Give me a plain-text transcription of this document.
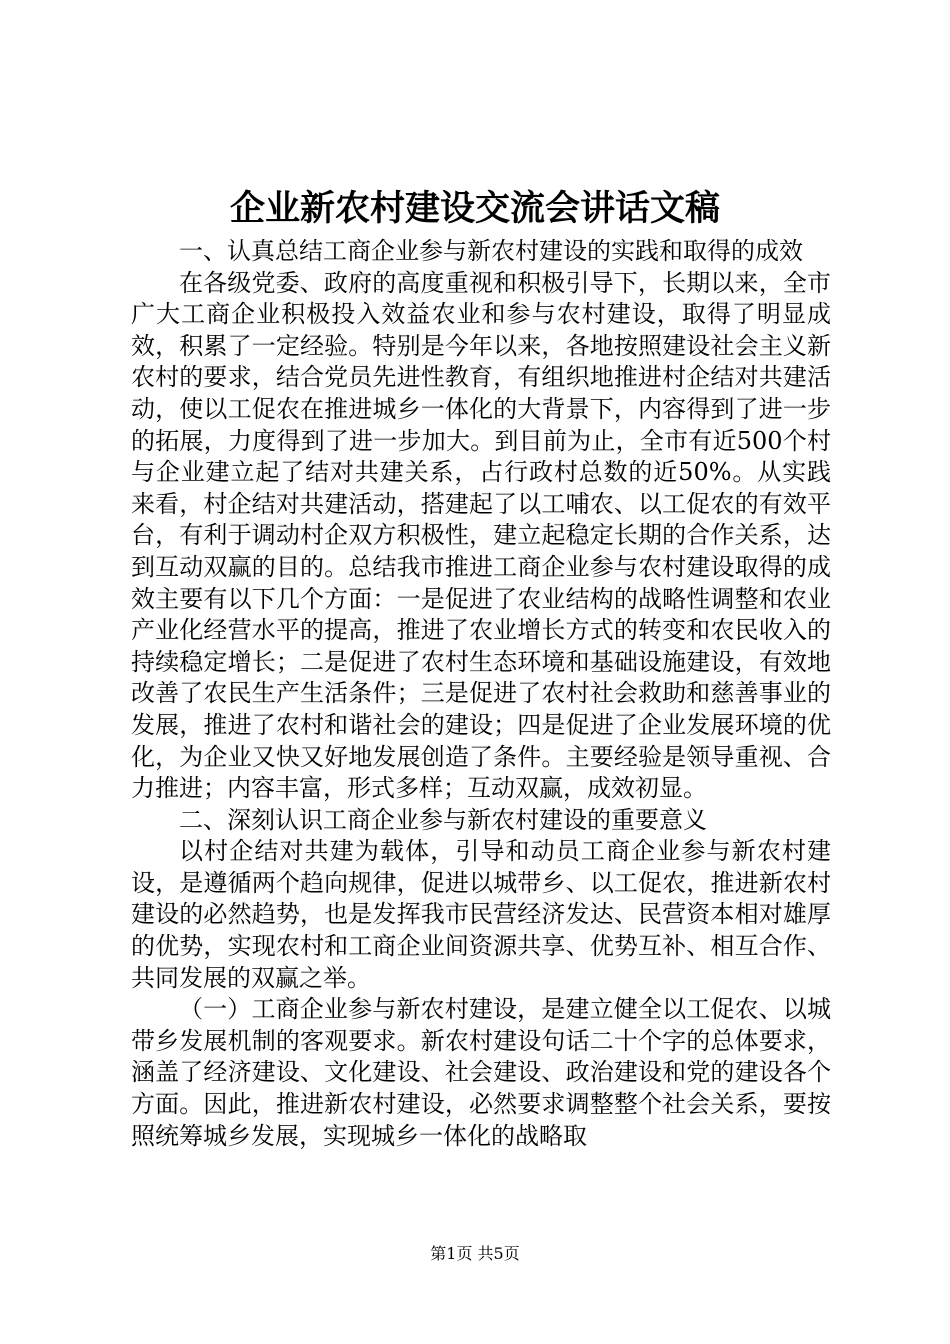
企业新农村建设交流会讲话文稿

一、认真总结工商企业参与新农村建设的实践和取得的成效

在各级党委、政府的高度重视和积极引导下，长期以来，全市广大工商企业积极投入效益农业和参与农村建设，取得了明显成效，积累了一定经验。特别是今年以来，各地按照建设社会主义新农村的要求，结合党员先进性教育，有组织地推进村企结对共建活动，使以工促农在推进城乡一体化的大背景下，内容得到了进一步的拓展，力度得到了进一步加大。到目前为止，全市有近500个村与企业建立起了结对共建关系，占行政村总数的近50%。从实践来看，村企结对共建活动，搭建起了以工哺农、以工促农的有效平台，有利于调动村企双方积极性，建立起稳定长期的合作关系，达到互动双赢的目的。总结我市推进工商企业参与农村建设取得的成效主要有以下几个方面：一是促进了农业结构的战略性调整和农业产业化经营水平的提高，推进了农业增长方式的转变和农民收入的持续稳定增长；二是促进了农村生态环境和基础设施建设，有效地改善了农民生产生活条件；三是促进了农村社会救助和慈善事业的发展，推进了农村和谐社会的建设；四是促进了企业发展环境的优化，为企业又快又好地发展创造了条件。主要经验是领导重视、合力推进；内容丰富，形式多样；互动双赢，成效初显。

二、深刻认识工商企业参与新农村建设的重要意义

以村企结对共建为载体，引导和动员工商企业参与新农村建设，是遵循两个趋向规律，促进以城带乡、以工促农，推进新农村建设的必然趋势，也是发挥我市民营经济发达、民营资本相对雄厚的优势，实现农村和工商企业间资源共享、优势互补、相互合作、共同发展的双赢之举。

（一）工商企业参与新农村建设，是建立健全以工促农、以城带乡发展机制的客观要求。新农村建设句话二十个字的总体要求，涵盖了经济建设、文化建设、社会建设、政治建设和党的建设各个方面。因此，推进新农村建设，必然要求调整整个社会关系，要按照统筹城乡发展，实现城乡一体化的战略取

第1页 共5页
